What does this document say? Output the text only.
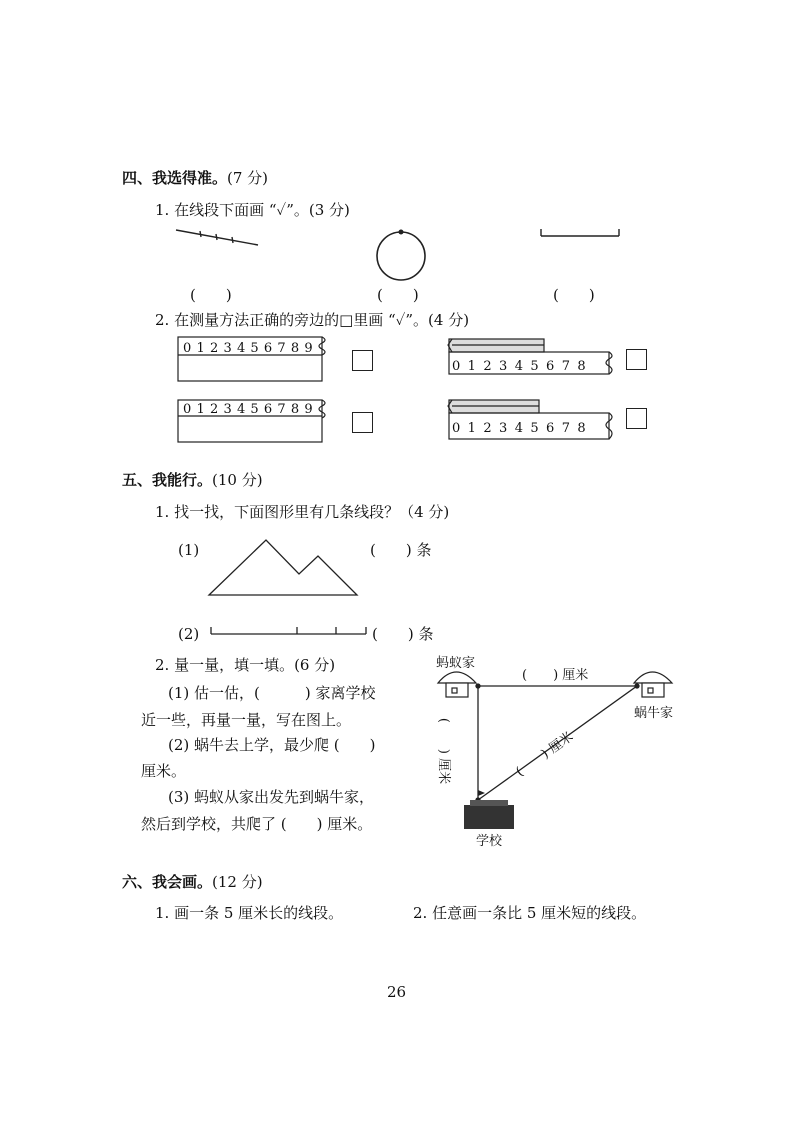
四、我选得准。(7 分)
1. 在线段下面画 “✓”。(3 分)
(　　)	(　　)	(　　)
2. 在测量方法正确的旁边的□里画 “✓”。(4 分)
0123456789
012345678
0123456789
012345678
五、我能行。(10 分)
1. 找一找，下面图形里有几条线段？（4 分)
(1)	(　　) 条
(2)	(　　) 条
2. 量一量，填一填。(6 分)
(1) 估一估，(　　　) 家离学校
近一些，再量一量，写在图上。
(2) 蜗牛去上学，最少爬 (　　)
厘米。
(3) 蚂蚁从家出发先到蜗牛家，
然后到学校，共爬了 (　　) 厘米。
蚂蚁家
蜗牛家
学校
(　　) 厘米
(　　) 厘米	(　　) 厘米
六、我会画。(12 分)
1. 画一条 5 厘米长的线段。	2. 任意画一条比 5 厘米短的线段。
26
